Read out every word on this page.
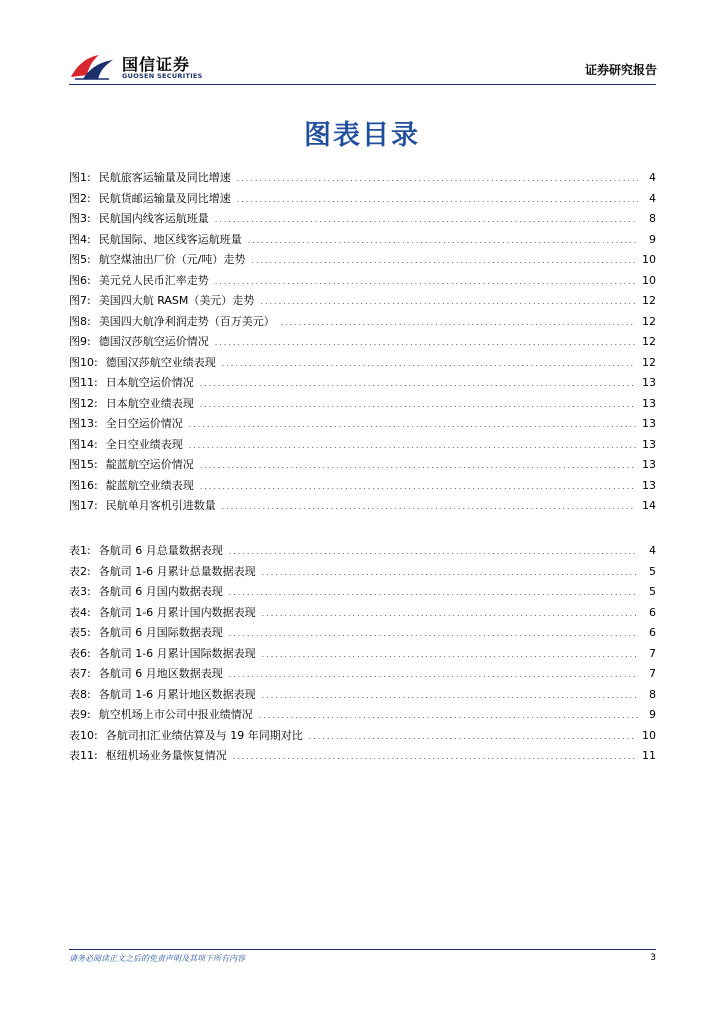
国信证券
GUOSEN SECURITIES	证券研究报告
图表目录
图1: 民航旅客运输量及同比增速 .....	4
图2: 民航货邮运输量及同比增速 .....	4
图3: 民航国内线客运航班量 .....	8
图4: 民航国际、地区线客运航班量 .....	9
图5: 航空煤油出厂价（元/吨）走势 .....	10
图6: 美元兑人民币汇率走势 .....	10
图7: 美国四大航 RASM（美元）走势 .....	12
图8: 美国四大航净利润走势（百万美元） .....	12
图9: 德国汉莎航空运价情况 .....	12
图10: 德国汉莎航空业绩表现 .....	12
图11: 日本航空运价情况 .....	13
图12: 日本航空业绩表现 .....	13
图13: 全日空运价情况 .....	13
图14: 全日空业绩表现 .....	13
图15: 靛蓝航空运价情况 .....	13
图16: 靛蓝航空业绩表现 .....	13
图17: 民航单月客机引进数量 .....	14
表1: 各航司 6 月总量数据表现 .....	4
表2: 各航司 1-6 月累计总量数据表现 .....	5
表3: 各航司 6 月国内数据表现 .....	5
表4: 各航司 1-6 月累计国内数据表现 .....	6
表5: 各航司 6 月国际数据表现 .....	6
表6: 各航司 1-6 月累计国际数据表现 .....	7
表7: 各航司 6 月地区数据表现 .....	7
表8: 各航司 1-6 月累计地区数据表现 .....	8
表9: 航空机场上市公司中报业绩情况 .....	9
表10: 各航司扣汇业绩估算及与 19 年同期对比 .....	10
表11: 枢纽机场业务量恢复情况 .....	11
请务必阅读正文之后的免责声明及其项下所有内容	3
